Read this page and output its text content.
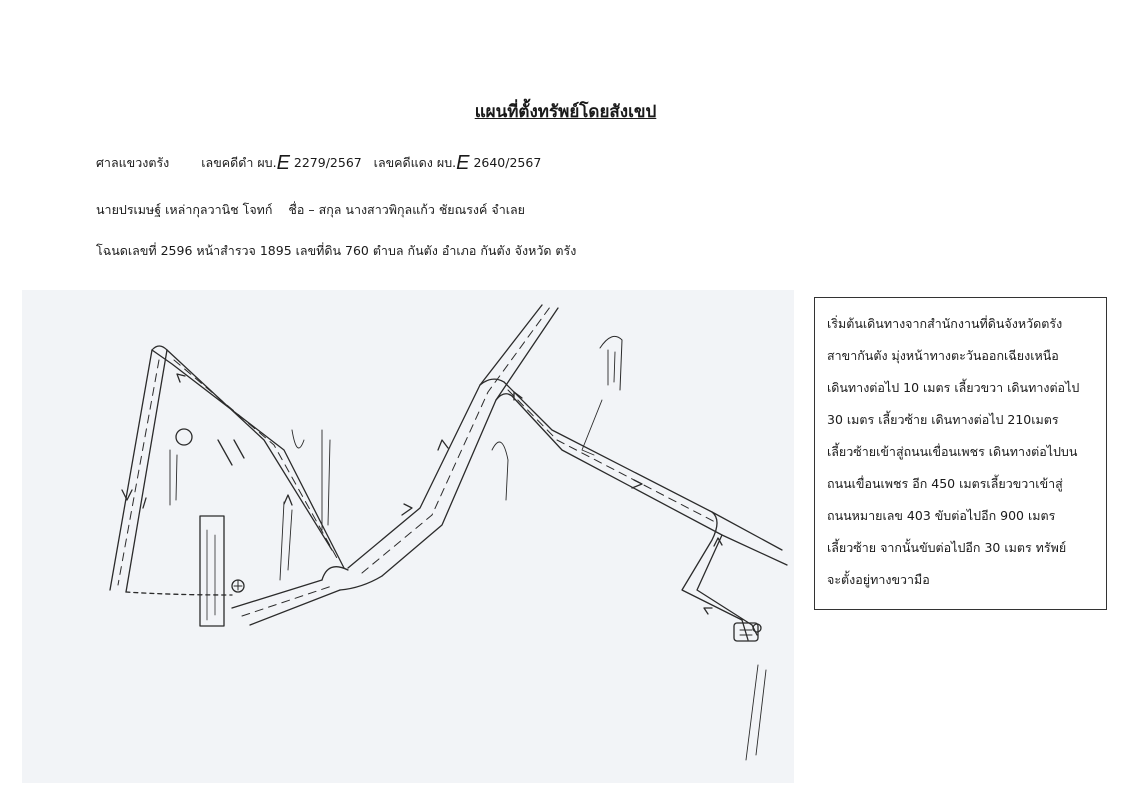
แผนที่ตั้งทรัพย์โดยสังเขป
ศาลแขวงตรัง	เลขคดีดำ ผบ.E 2279/2567 เลขคดีแดง ผบ.E 2640/2567
นายปรเมษฐ์ เหล่ากุลวานิช โจทก์ ชื่อ – สกุล นางสาวพิกุลแก้ว ชัยณรงค์ จำเลย
โฉนดเลขที่ 2596 หน้าสำรวจ 1895 เลขที่ดิน 760 ตำบล กันตัง อำเภอ กันตัง จังหวัด ตรัง

เริ่มต้นเดินทางจากสำนักงานที่ดินจังหวัดตรัง

สาขากันตัง มุ่งหน้าทางตะวันออกเฉียงเหนือ

เดินทางต่อไป 10 เมตร เลี้ยวขวา เดินทางต่อไป

30 เมตร เลี้ยวซ้าย เดินทางต่อไป 210เมตร

เลี้ยวซ้ายเข้าสู่ถนนเขื่อนเพชร เดินทางต่อไปบน

ถนนเขื่อนเพชร อีก 450 เมตรเลี้ยวขวาเข้าสู่

ถนนหมายเลข 403 ขับต่อไปอีก 900 เมตร

เลี้ยวซ้าย จากนั้นขับต่อไปอีก 30 เมตร ทรัพย์

จะตั้งอยู่ทางขวามือ
